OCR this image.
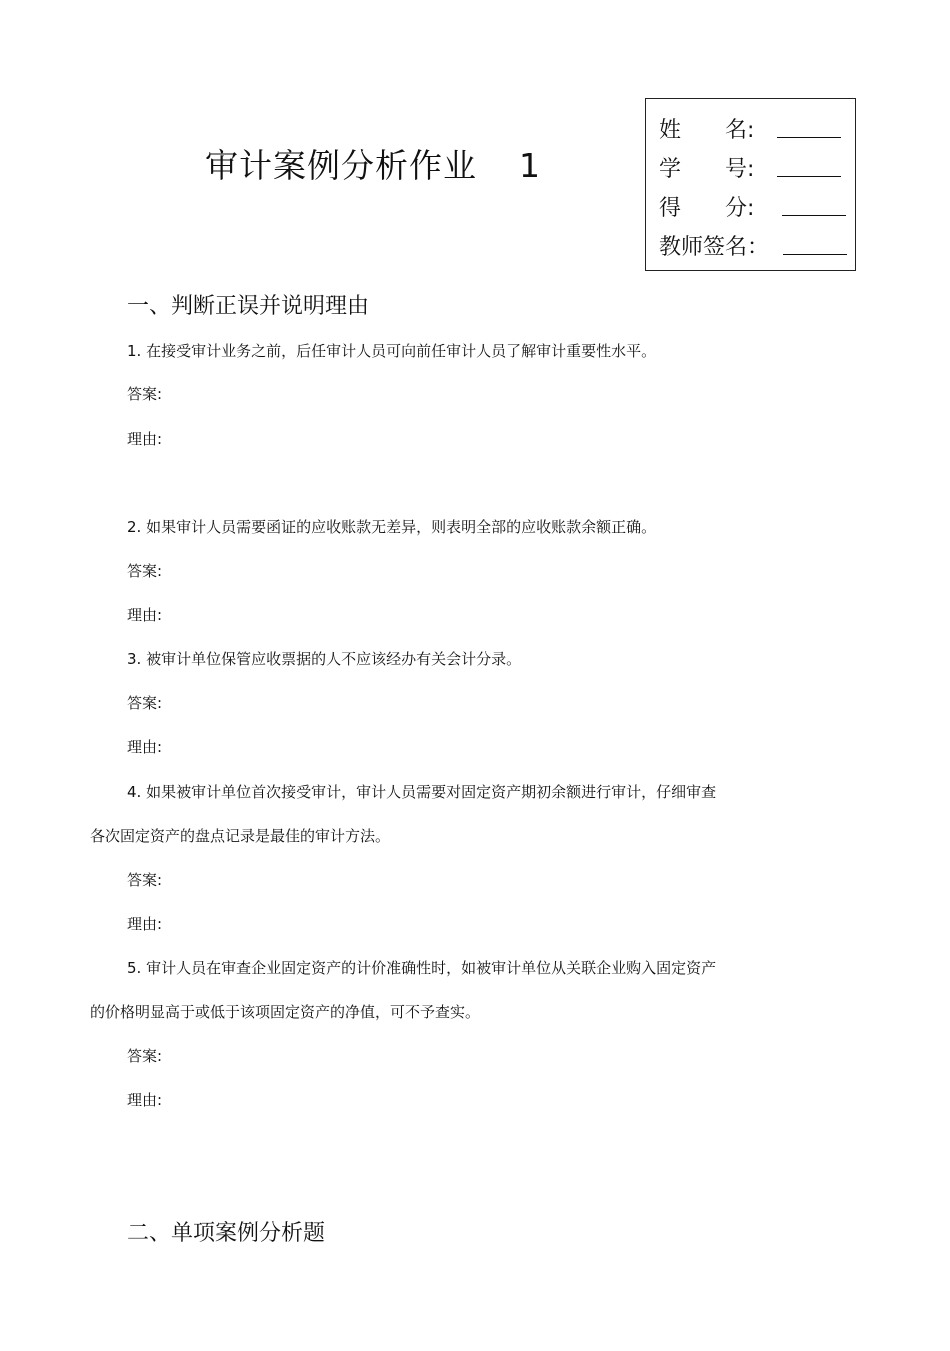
审计案例分析作业 1
姓　　名:
学　　号:
得　　分:
教师签名：
一、判断正误并说明理由
1. 在接受审计业务之前，后任审计人员可向前任审计人员了解审计重要性水平。
答案:
理由:
2. 如果审计人员需要函证的应收账款无差异，则表明全部的应收账款余额正确。
答案:
理由:
3. 被审计单位保管应收票据的人不应该经办有关会计分录。
答案:
理由:
4. 如果被审计单位首次接受审计，审计人员需要对固定资产期初余额进行审计，仔细审查
各次固定资产的盘点记录是最佳的审计方法。
答案:
理由:
5. 审计人员在审查企业固定资产的计价准确性时，如被审计单位从关联企业购入固定资产
的价格明显高于或低于该项固定资产的净值，可不予查实。
答案:
理由:
二、单项案例分析题
